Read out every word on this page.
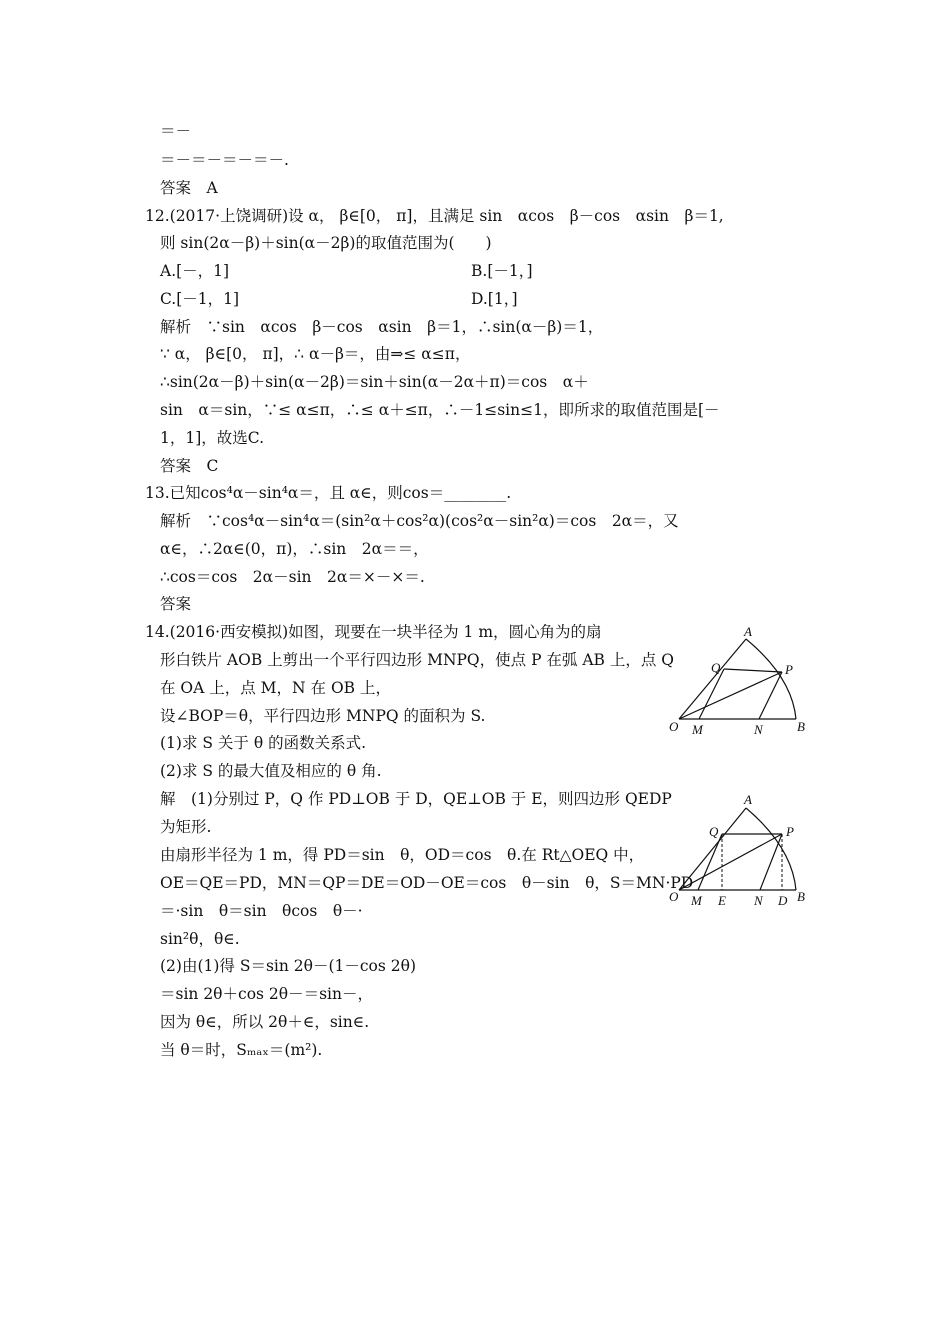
＝－
＝－＝－＝－＝－.
答案　A
12.(2017·上饶调研)设 α， β∈[0， π]，且满足 sin　αcos　β－cos　αsin　β＝1,
则 sin(2α－β)＋sin(α－2β)的取值范围为(　　)
A.[－，1]	B.[－1，]
C.[－1，1]	D.[1，]
解析　∵sin　αcos　β－cos　αsin　β＝1，∴sin(α－β)＝1，
∵ α， β∈[0， π]，∴ α－β＝，由⇒≤ α≤π，
∴sin(2α－β)＋sin(α－2β)＝sin＋sin(α－2α＋π)＝cos　α＋
sin　α＝sin，∵≤ α≤π，∴≤ α＋≤π，∴－1≤sin≤1，即所求的取值范围是[－
1，1]，故选C.
答案　C
13.已知cos⁴α－sin⁴α＝，且 α∈，则cos＝________.
解析　∵cos⁴α－sin⁴α＝(sin²α＋cos²α)(cos²α－sin²α)＝cos　2α＝，又
α∈，∴2α∈(0，π)，∴sin　2α＝＝，
∴cos＝cos　2α－sin　2α＝×－×＝.
答案
14.(2016·西安模拟)如图，现要在一块半径为 1 m，圆心角为的扇
形白铁片 AOB 上剪出一个平行四边形 MNPQ，使点 P 在弧 AB 上，点 Q
在 OA 上，点 M，N 在 OB 上，
设∠BOP＝θ，平行四边形 MNPQ 的面积为 S.
(1)求 S 关于 θ 的函数关系式.
(2)求 S 的最大值及相应的 θ 角.
解　(1)分别过 P，Q 作 PD⊥OB 于 D，QE⊥OB 于 E，则四边形 QEDP
为矩形.
由扇形半径为 1 m，得 PD＝sin　θ，OD＝cos　θ.在 Rt△OEQ 中，
OE＝QE＝PD，MN＝QP＝DE＝OD－OE＝cos　θ－sin　θ，S＝MN·PD
＝·sin　θ＝sin　θcos　θ－·
sin²θ，θ∈.
(2)由(1)得 S＝sin 2θ－(1－cos 2θ)
＝sin 2θ＋cos 2θ－＝sin－，
因为 θ∈，所以 2θ＋∈，sin∈.
当 θ＝时，Sₘₐₓ＝(m²).
A
Q	P
O M	N	B
A
Q	P
O M E N D B
